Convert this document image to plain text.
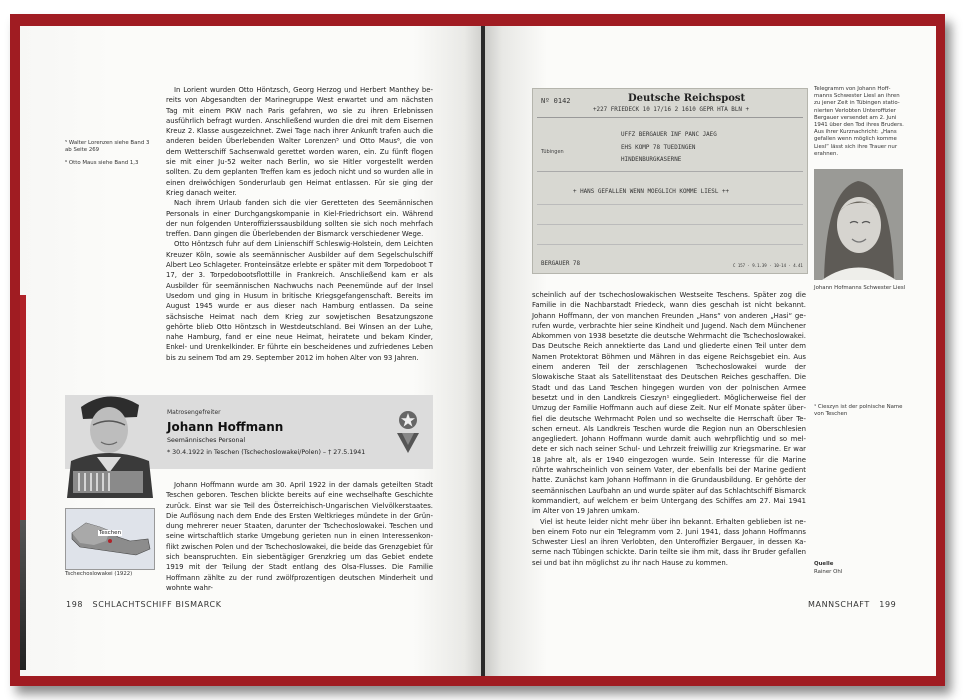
⁵ Walter Lorenzen siehe Band 3 ab Seite 269
⁶ Otto Maus siehe Band 1,3

In Lorient wurden Otto Höntzsch, Georg Herzog und Herbert Manthey bereits von Abgesandten der Marinegruppe West erwartet und am nächsten Tag mit einem PKW nach Paris gefahren, wo sie zu ihren Erlebnissen ausführlich befragt wurden. Anschließend wurden die drei mit dem Eisernen Kreuz 2. Klasse ausgezeichnet. Zwei Tage nach ihrer Ankunft trafen auch die anderen beiden Überlebenden Walter Lorenzen⁵ und Otto Maus⁶, die von dem Wetterschiff Sachsenwald gerettet worden waren, ein. Zu fünft flogen sie mit einer Ju-52 weiter nach Berlin, wo sie Hitler vorgestellt werden sollten. Zu dem geplanten Treffen kam es jedoch nicht und so wurden alle in einen dreiwöchigen Sonderurlaub gen Heimat entlassen. Für sie ging der Krieg danach weiter.

Nach ihrem Urlaub fanden sich die vier Geretteten des Seemännischen Personals in einer Durchgangskompanie in Kiel-Friedrichsort ein. Während der nun folgenden Unteroffizierssausbildung sollten sie sich noch mehrfach treffen. Dann gingen die Überlebenden der Bismarck verschiedener Wege.

Otto Höntzsch fuhr auf dem Linienschiff Schleswig-Holstein, dem Leichten Kreuzer Köln, sowie als seemännischer Ausbilder auf dem Segelschulschiff Albert Leo Schlageter. Fronteinsätze erlebte er später mit dem Torpedoboot T 17, der 3. Torpedobootsflottille in Frankreich. Anschließend kam er als Ausbilder für seemännischen Nachwuchs nach Peenemünde auf der Insel Usedom und ging in Husum in britische Kriegsgefangenschaft. Bereits im August 1945 wurde er aus dieser nach Hamburg entlassen. Da seine sächsische Heimat nach dem Krieg zur sowjetischen Besatzungszone gehörte blieb Otto Höntzsch in Westdeutschland. Bei Winsen an der Luhe, nahe Hamburg, fand er eine neue Heimat, heiratete und bekam Kinder, Enkel- und Urenkelkinder. Er führte ein bescheidenes und zufriedenes Leben bis zu seinem Tod am 29. September 2012 im hohen Alter von 93 Jahren.

Matrosengefreiter
Johann Hoffmann
Seemännisches Personal
* 30.4.1922 in Teschen (Tschechoslowakei/Polen) – † 27.5.1941
Teschen
Tschechoslowakei (1922)

Johann Hoffmann wurde am 30. April 1922 in der damals geteilten Stadt Teschen geboren. Teschen blickte bereits auf eine wechselhafte Geschichte zurück. Einst war sie Teil des Österreichisch-Ungarischen Vielvölkerstaates. Die Auflösung nach dem Ende des Ersten Weltkrieges mündete in der Gründung mehrerer neuer Staaten, darunter der Tschechoslowakei. Teschen und seine wirtschaftlich starke Umgebung gerieten nun in einen Interessenkonflikt zwischen Polen und der Tschechoslowakei, die beide das Grenzgebiet für sich beanspruchten. Ein siebentägiger Grenzkrieg um das Gebiet endete 1919 mit der Teilung der Stadt entlang des Olsa-Flusses. Die Familie Hoffmann zählte zu der rund zwölfprozentigen deutschen Minderheit und wohnte wahr-

198 SCHLACHTSCHIFF BISMARCK
Nº 0142	Deutsche Reichspost
+227 FRIEDECK 10 17/16 2 1610 GEPR HTA BLN +
UFFZ BERGAUER INF PANC JAEG
EHS KOMP 78 TUEDINGEN
HINDENBURGKASERNE
Tübingen
+ HANS GEFALLEN WENN MOEGLICH KOMME LIESL ++
BERGAUER 78	C 157 · 9.1.39 · 10-14 · 4.41
Telegramm von Johann Hoffmanns Schwester Liesl an ihren zu jener Zeit in Tübingen stationierten Verlobten Unteroffizier Bergauer versendet am 2. Juni 1941 über den Tod ihres Bruders. Aus ihrer Kurznachricht: „Hans gefallen wenn möglich komme Liesl“ lässt sich ihre Trauer nur erahnen.
Johann Hofmanns Schwester Liesl

scheinlich auf der tschechoslowakischen Westseite Teschens. Später zog die Familie in die Nachbarstadt Friedeck, wann dies geschah ist nicht bekannt. Johann Hoffmann, der von manchen Freunden „Hans“ von anderen „Hasi“ gerufen wurde, verbrachte hier seine Kindheit und Jugend. Nach dem Münchener Abkommen von 1938 besetzte die deutsche Wehrmacht die Tschechoslowakei. Das Deutsche Reich annektierte das Land und gliederte einen Teil unter dem Namen Protektorat Böhmen und Mähren in das eigene Reichsgebiet ein. Aus einem anderen Teil der zerschlagenen Tschechoslowakei wurde der Slowakische Staat als Satellitenstaat des Deutschen Reiches geschaffen. Die Stadt und das Land Teschen hingegen wurden von der polnischen Armee besetzt und in den Landkreis Cieszyn¹ eingegliedert. Möglicherweise fiel der Umzug der Familie Hoffmann auch auf diese Zeit. Nur elf Monate später überfiel die deutsche Wehrmacht Polen und so wechselte die Herrschaft über Teschen erneut. Als Landkreis Teschen wurde die Region nun an Oberschlesien angegliedert. Johann Hoffmann wurde damit auch wehrpflichtig und so meldete er sich nach seiner Schul- und Lehrzeit freiwillig zur Kriegsmarine. Er war 18 Jahre alt, als er 1940 eingezogen wurde. Sein Interesse für die Marine rührte wahrscheinlich von seinem Vater, der ebenfalls bei der Marine gedient hatte. Zunächst kam Johann Hoffmann in die Grundausbildung. Er gehörte der seemännischen Laufbahn an und wurde später auf das Schlachtschiff Bismarck kommandiert, auf welchem er beim Untergang des Schiffes am 27. Mai 1941 im Alter von 19 Jahren umkam.

Viel ist heute leider nicht mehr über ihn bekannt. Erhalten geblieben ist neben einem Foto nur ein Telegramm vom 2. Juni 1941, dass Johann Hoffmanns Schwester Liesl an ihren Verlobten, den Unteroffizier Bergauer, in dessen Kaserne nach Tübingen schickte. Darin teilte sie ihm mit, dass ihr Bruder gefallen sei und bat ihn möglichst zu ihr nach Hause zu kommen.

¹ Cieszyn ist der polnische Name von Teschen
Quelle
Rainer Ohl
MANNSCHAFT 199
